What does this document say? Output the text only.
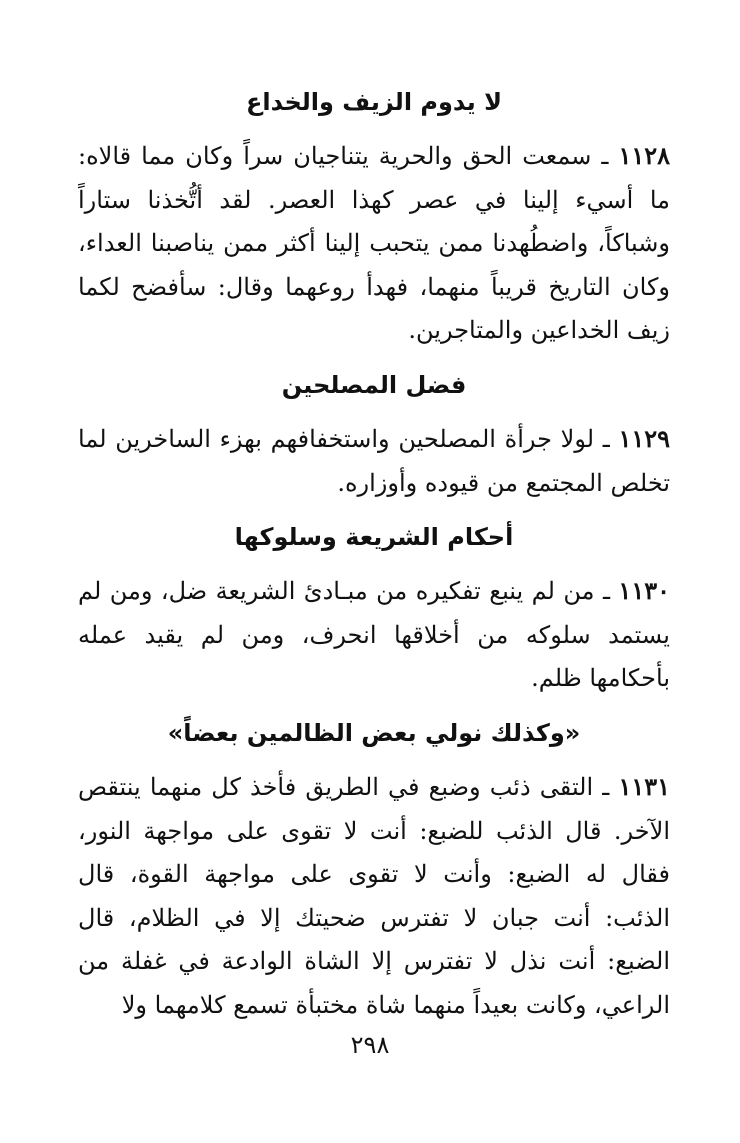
لا يدوم الزيف والخداع

١١٢٨ ـ سمعت الحق والحرية يتناجيان سراً وكان مما قالاه: ما أسيء إلينا في عصر كهذا العصر. لقد أتُّخذنا ستاراً وشباكاً، واضطُهدنا ممن يتحبب إلينا أكثر ممن يناصبنا العداء، وكان التاريخ قريباً منهما، فهدأ روعهما وقال: سأفضح لكما زيف الخداعين والمتاجرين.

فضل المصلحين

١١٢٩ ـ لولا جرأة المصلحين واستخفافهم بهزء الساخرين لما تخلص المجتمع من قيوده وأوزاره.

أحكام الشريعة وسلوكها

١١٣٠ ـ من لم ينبع تفكيره من مبـادئ الشريعة ضل، ومن لم يستمد سلوكه من أخلاقها انحرف، ومن لم يقيد عمله بأحكامها ظلم.

«وكذلك نولي بعض الظالمين بعضاً»

١١٣١ ـ التقى ذئب وضبع في الطريق فأخذ كل منهما ينتقص الآخر. قال الذئب للضبع: أنت لا تقوى على مواجهة النور، فقال له الضبع: وأنت لا تقوى على مواجهة القوة، قال الذئب: أنت جبان لا تفترس ضحيتك إلا في الظلام، قال الضبع: أنت نذل لا تفترس إلا الشاة الوادعة في غفلة من الراعي، وكانت بعيداً منهما شاة مختبأة تسمع كلامهما ولا

٢٩٨
